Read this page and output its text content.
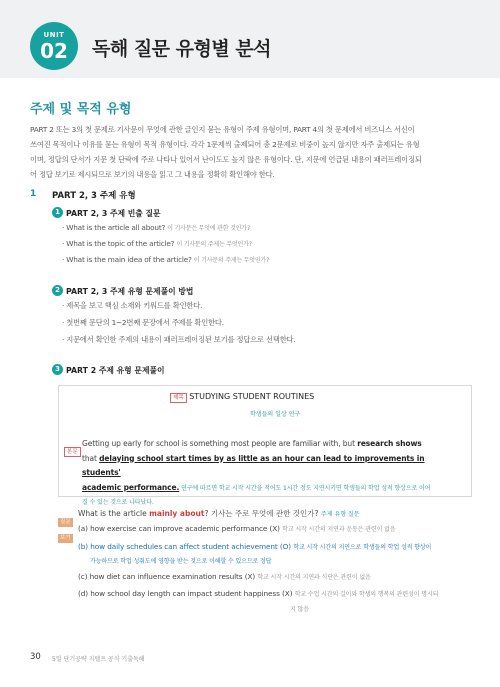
UNIT
02	독해 질문 유형별 분석
주제 및 목적 유형
PART 2 또는 3의 첫 문제로 기사문이 무엇에 관한 글인지 묻는 유형이 주제 유형이며, PART 4의 첫 문제에서 비즈니스 서신이
쓰여진 목적이나 이유를 묻는 유형이 목적 유형이다. 각각 1문제씩 출제되어 총 2문제로 비중이 높지 않지만 자주 출제되는 유형
이며, 정답의 단서가 지문 첫 단락에 주로 나타나 있어서 난이도도 높지 않은 유형이다. 단, 지문에 언급된 내용이 패러프레이징되
어 정답 보기로 제시되므로 보기의 내용을 읽고 그 내용을 정확히 확인해야 한다.
1 PART 2, 3 주제 유형
1 PART 2, 3 주제 빈출 질문
· What is the article all about? 이 기사문은 무엇에 관한 것인가?
· What is the topic of the article? 이 기사문의 주제는 무엇인가?
· What is the main idea of the article? 이 기사문의 주제는 무엇인가?
2 PART 2, 3 주제 유형 문제풀이 방법
· 제목을 보고 핵심 소재와 키워드를 확인한다.
· 첫번째 문단의 1~2번째 문장에서 주제를 확인한다.
· 지문에서 확인한 주제의 내용이 패러프레이징된 보기를 정답으로 선택한다.
3 PART 2 주제 유형 문제풀이
제목 STUDYING STUDENT ROUTINES
학생들의 일상 연구
본문
Getting up early for school is something most people are familiar with, but research shows
that delaying school start times by as little as an hour can lead to improvements in students'
academic performance. 연구에 따르면 학교 시작 시간을 적어도 1시간 정도 지연시키면 학생들의 학업 성적 향상으로 이어
질 수 있는 것으로 나타났다.
질문
What is the article mainly about? 기사는 주로 무엇에 관한 것인가? 주제 유형 질문
보기
(a) how exercise can improve academic performance (X) 학교 시작 시간의 지연과 운동은 관련이 없음
(b) how daily schedules can affect student achievement (O) 학교 시작 시간의 지연으로 학생들의 학업 성적 향상이
가능하므로 학업 성취도에 영향을 받는 것으로 이해할 수 있으므로 정답
(c) how diet can influence examination results (X) 학교 시작 시간의 지연과 식단은 관련이 없음
(d) how school day length can impact student happiness (X) 학교 수업 시간의 길이와 학생의 행복의 관련성이 명시되
지 않음
30 5일 단기공략 지텔프 공식 기출독해
